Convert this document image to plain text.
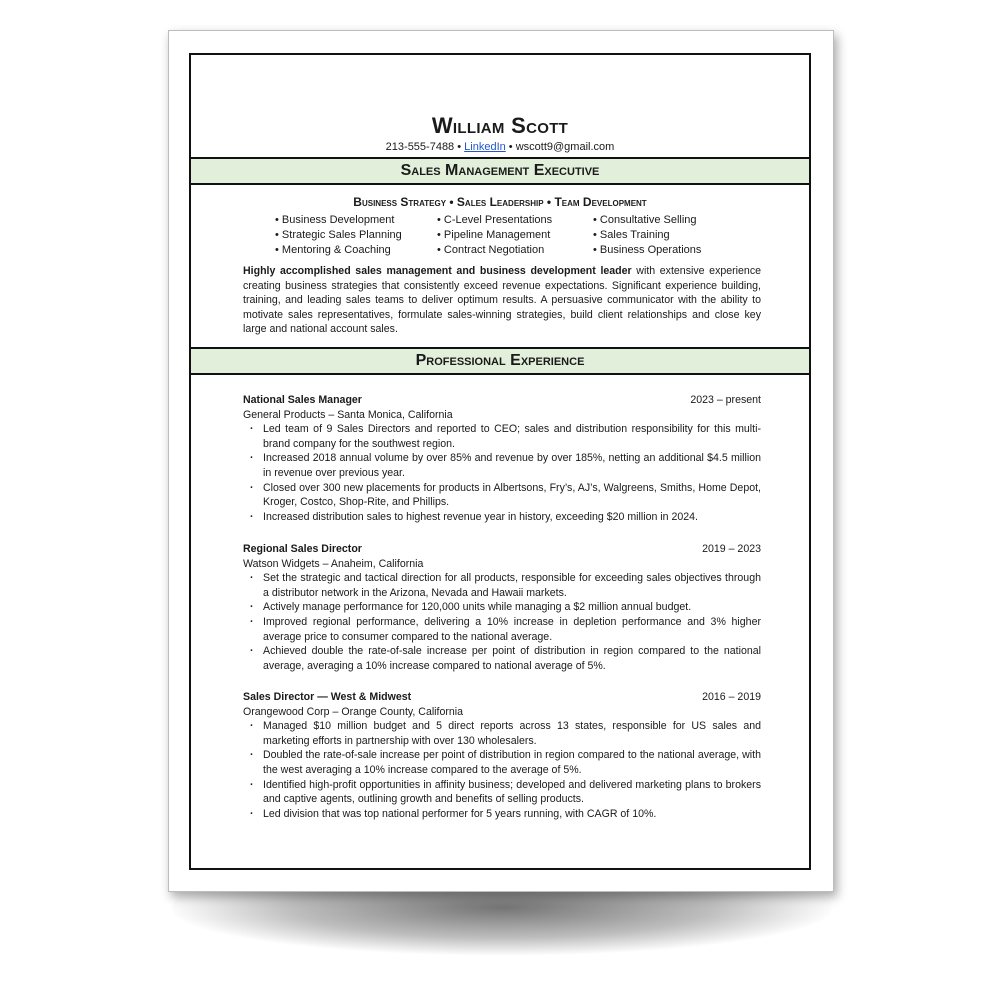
William Scott
213-555-7488 • LinkedIn • wscott9@gmail.com
Sales Management Executive
Business Strategy • Sales Leadership • Team Development
• Business Development
• Strategic Sales Planning
• Mentoring & Coaching
• C-Level Presentations
• Pipeline Management
• Contract Negotiation
• Consultative Selling
• Sales Training
• Business Operations
Highly accomplished sales management and business development leader with extensive experience creating business strategies that consistently exceed revenue expectations. Significant experience building, training, and leading sales teams to deliver optimum results. A persuasive communicator with the ability to motivate sales representatives, formulate sales-winning strategies, build client relationships and close key large and national account sales.
Professional Experience
National Sales Manager	2023 – present
General Products – Santa Monica, California
· Led team of 9 Sales Directors and reported to CEO; sales and distribution responsibility for this multi-brand company for the southwest region.
· Increased 2018 annual volume by over 85% and revenue by over 185%, netting an additional $4.5 million in revenue over previous year.
· Closed over 300 new placements for products in Albertsons, Fry’s, AJ’s, Walgreens, Smiths, Home Depot, Kroger, Costco, Shop-Rite, and Phillips.
· Increased distribution sales to highest revenue year in history, exceeding $20 million in 2024.
Regional Sales Director	2019 – 2023
Watson Widgets – Anaheim, California
· Set the strategic and tactical direction for all products, responsible for exceeding sales objectives through a distributor network in the Arizona, Nevada and Hawaii markets.
· Actively manage performance for 120,000 units while managing a $2 million annual budget.
· Improved regional performance, delivering a 10% increase in depletion performance and 3% higher average price to consumer compared to the national average.
· Achieved double the rate-of-sale increase per point of distribution in region compared to the national average, averaging a 10% increase compared to national average of 5%.
Sales Director — West & Midwest	2016 – 2019
Orangewood Corp – Orange County, California
· Managed $10 million budget and 5 direct reports across 13 states, responsible for US sales and marketing efforts in partnership with over 130 wholesalers.
· Doubled the rate-of-sale increase per point of distribution in region compared to the national average, with the west averaging a 10% increase compared to the average of 5%.
· Identified high-profit opportunities in affinity business; developed and delivered marketing plans to brokers and captive agents, outlining growth and benefits of selling products.
· Led division that was top national performer for 5 years running, with CAGR of 10%.
